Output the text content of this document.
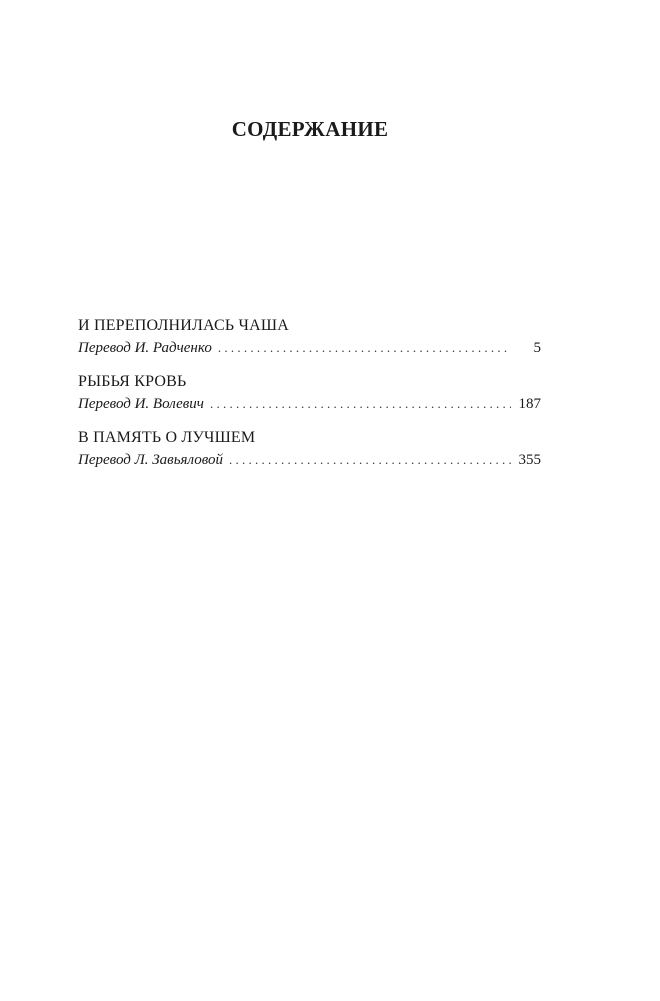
СОДЕРЖАНИЕ
И ПЕРЕПОЛНИЛАСЬ ЧАША
Перевод И. Радченко . . .	5
РЫБЬЯ КРОВЬ
Перевод И. Волевич . . .	187
В ПАМЯТЬ О ЛУЧШЕМ
Перевод Л. Завьяловой . . .	355
